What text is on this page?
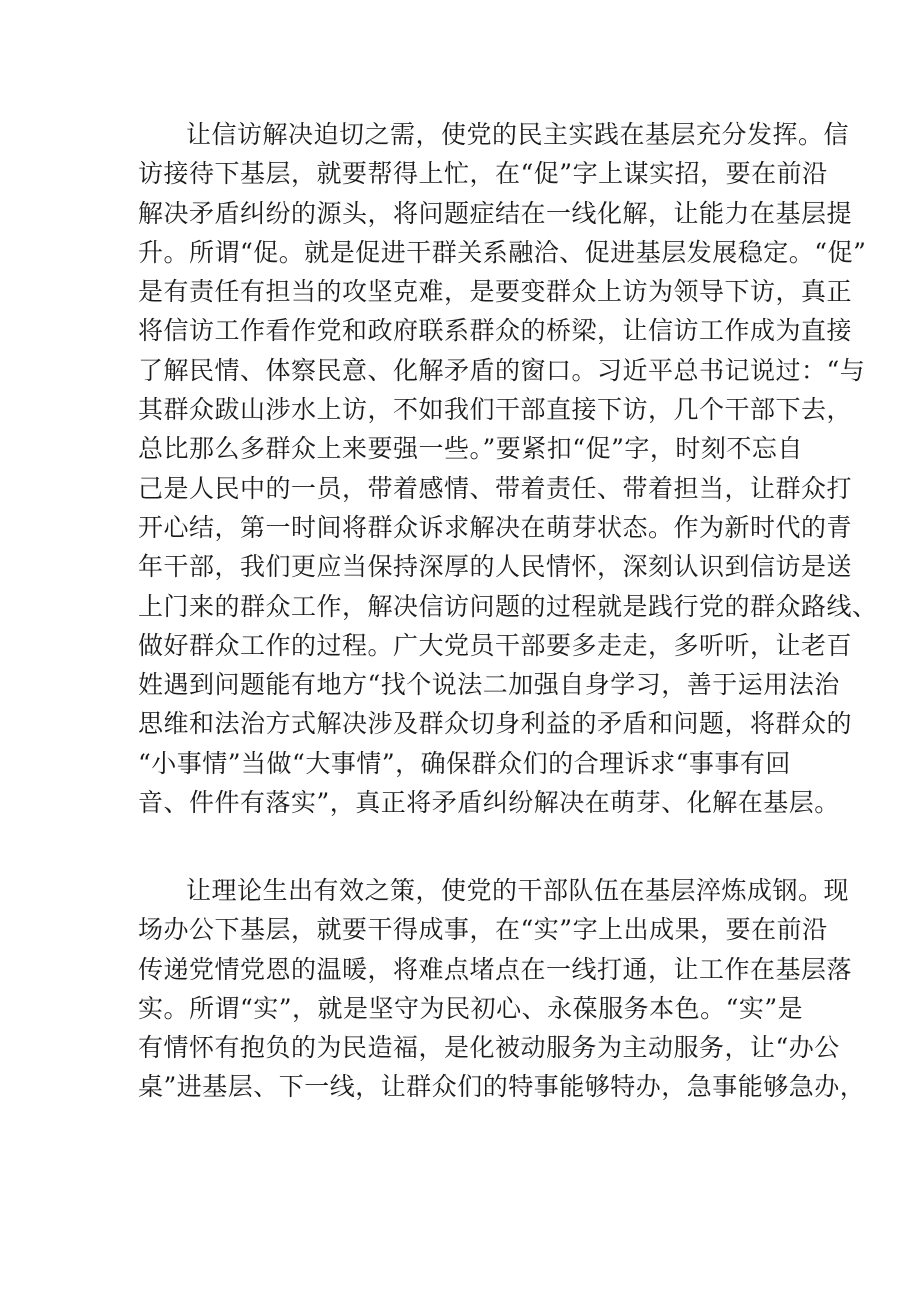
让信访解决迫切之需，使党的民主实践在基层充分发挥。信
访接待下基层，就要帮得上忙，在“促”字上谋实招，要在前沿
解决矛盾纠纷的源头，将问题症结在一线化解，让能力在基层提
升。所谓“促。就是促进干群关系融洽、促进基层发展稳定。“促”
是有责任有担当的攻坚克难，是要变群众上访为领导下访，真正
将信访工作看作党和政府联系群众的桥梁，让信访工作成为直接
了解民情、体察民意、化解矛盾的窗口。习近平总书记说过：“与
其群众跋山涉水上访，不如我们干部直接下访，几个干部下去，
总比那么多群众上来要强一些。”要紧扣“促”字，时刻不忘自
己是人民中的一员，带着感情、带着责任、带着担当，让群众打
开心结，第一时间将群众诉求解决在萌芽状态。作为新时代的青
年干部，我们更应当保持深厚的人民情怀，深刻认识到信访是送
上门来的群众工作，解决信访问题的过程就是践行党的群众路线、
做好群众工作的过程。广大党员干部要多走走，多听听，让老百
姓遇到问题能有地方“找个说法二加强自身学习，善于运用法治
思维和法治方式解决涉及群众切身利益的矛盾和问题，将群众的
“小事情”当做“大事情”，确保群众们的合理诉求“事事有回
音、件件有落实”，真正将矛盾纠纷解决在萌芽、化解在基层。
让理论生出有效之策，使党的干部队伍在基层淬炼成钢。现
场办公下基层，就要干得成事，在“实”字上出成果，要在前沿
传递党情党恩的温暖，将难点堵点在一线打通，让工作在基层落
实。所谓“实”，就是坚守为民初心、永葆服务本色。“实”是
有情怀有抱负的为民造福，是化被动服务为主动服务，让“办公
桌”进基层、下一线，让群众们的特事能够特办，急事能够急办，
